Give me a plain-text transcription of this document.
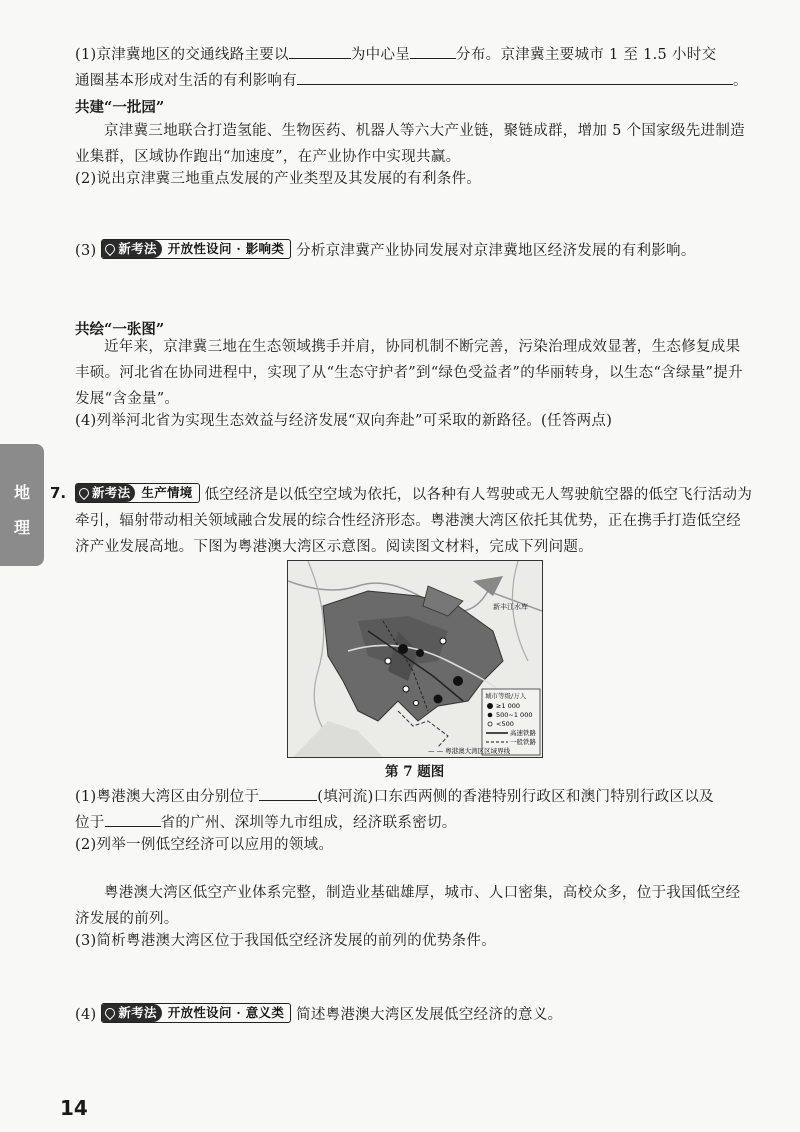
(1)京津冀地区的交通线路主要以	为中心呈	分布。京津冀主要城市 1 至 1.5 小时交
通圈基本形成对生活的有利影响有	。
共建“一批园”
京津冀三地联合打造氢能、生物医药、机器人等六大产业链，聚链成群，增加 5 个国家级先进制造业集群，区域协作跑出“加速度”，在产业协作中实现共赢。
(2)说出京津冀三地重点发展的产业类型及其发展的有利条件。
(3) 新考法 开放性设问 · 影响类 分析京津冀产业协同发展对京津冀地区经济发展的有利影响。
共绘“一张图”
近年来，京津冀三地在生态领域携手并肩，协同机制不断完善，污染治理成效显著，生态修复成果丰硕。河北省在协同进程中，实现了从“生态守护者”到“绿色受益者”的华丽转身，以生态“含绿量”提升发展“含金量”。
(4)列举河北省为实现生态效益与经济发展“双向奔赴”可采取的新路径。(任答两点)
地
理
7. 新考法 生产情境 低空经济是以低空空域为依托，以各种有人驾驶或无人驾驶航空器的低空飞行活动为牵引，辐射带动相关领域融合发展的综合性经济形态。粤港澳大湾区依托其优势，正在携手打造低空经济产业发展高地。下图为粤港澳大湾区示意图。阅读图文材料，完成下列问题。
新丰江水库
城市等级/万人
≥1 000
500~1 000
<500
高速铁路
一般铁路
— — 粤港澳大湾区区域界线
第 7 题图
(1)粤港澳大湾区由分别位于	(填河流)口东西两侧的香港特别行政区和澳门特别行政区以及
位于	省的广州、深圳等九市组成，经济联系密切。
(2)列举一例低空经济可以应用的领域。
粤港澳大湾区低空产业体系完整，制造业基础雄厚，城市、人口密集，高校众多，位于我国低空经济发展的前列。
(3)简析粤港澳大湾区位于我国低空经济发展的前列的优势条件。
(4) 新考法 开放性设问 · 意义类 简述粤港澳大湾区发展低空经济的意义。
14
